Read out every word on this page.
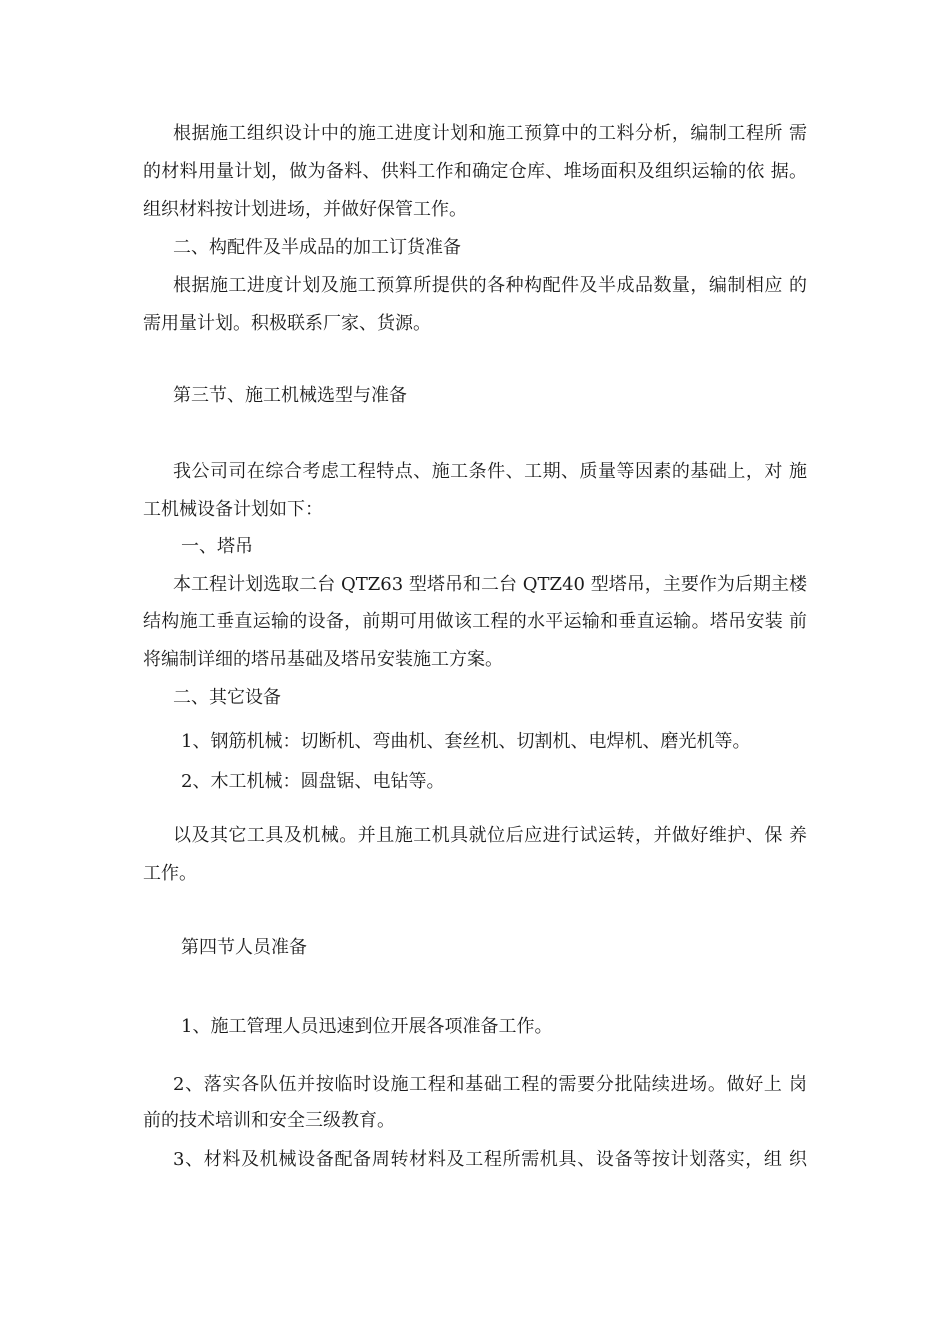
根据施工组织设计中的施工进度计划和施工预算中的工料分析，编制工程所 需

的材料用量计划，做为备料、供料工作和确定仓库、堆场面积及组织运输的依 据。

组织材料按计划进场，并做好保管工作。

二、构配件及半成品的加工订货准备

根据施工进度计划及施工预算所提供的各种构配件及半成品数量，编制相应 的

需用量计划。积极联系厂家、货源。

第三节、施工机械选型与准备

我公司司在综合考虑工程特点、施工条件、工期、质量等因素的基础上，对 施

工机械设备计划如下：

一、塔吊

本工程计划选取二台 QTZ63 型塔吊和二台 QTZ40 型塔吊，主要作为后期主楼

结构施工垂直运输的设备，前期可用做该工程的水平运输和垂直运输。塔吊安装 前

将编制详细的塔吊基础及塔吊安装施工方案。

二、其它设备

1、钢筋机械：切断机、弯曲机、套丝机、切割机、电焊机、磨光机等。

2、木工机械：圆盘锯、电钻等。

以及其它工具及机械。并且施工机具就位后应进行试运转，并做好维护、保 养

工作。

第四节人员准备

1、施工管理人员迅速到位开展各项准备工作。

2、落实各队伍并按临时设施工程和基础工程的需要分批陆续进场。做好上 岗

前的技术培训和安全三级教育。

3、材料及机械设备配备周转材料及工程所需机具、设备等按计划落实，组 织
